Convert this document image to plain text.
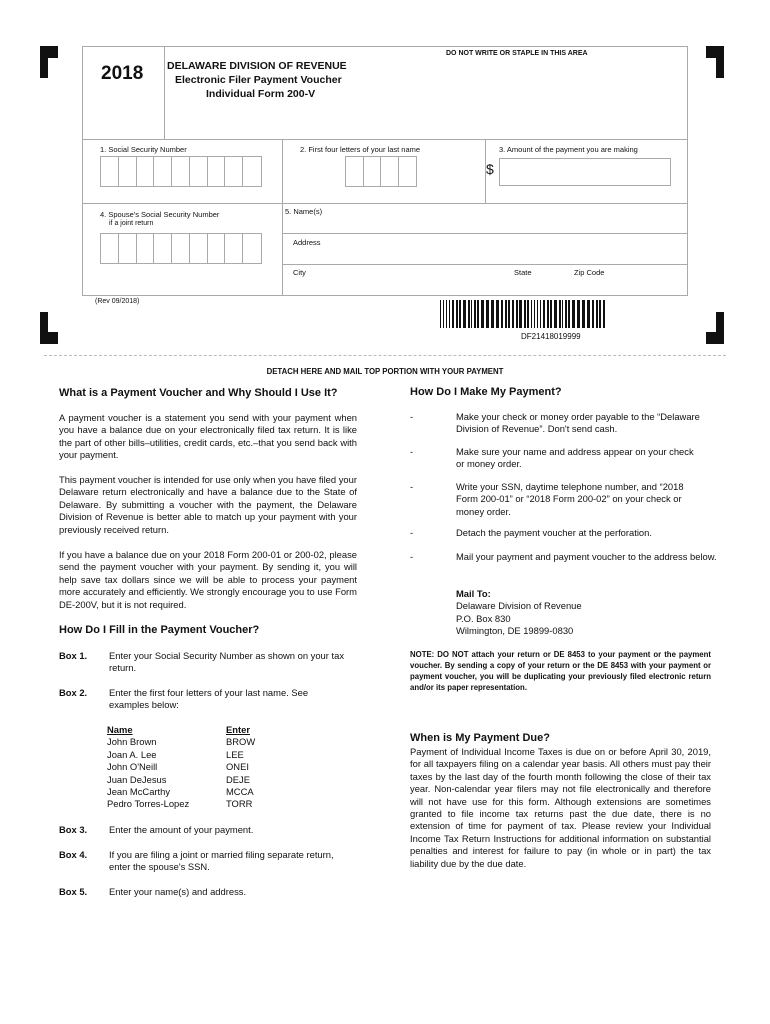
2018 DELAWARE DIVISION OF REVENUE
Electronic Filer Payment Voucher
Individual Form 200-V
DO NOT WRITE OR STAPLE IN THIS AREA
1. Social Security Number	2. First four letters of your last name	3. Amount of the payment you are making
$
4. Spouse's Social Security Number
if a joint return
5. Name(s)
Address
City	State	Zip Code
(Rev 09/2018)
DF21418019999
DETACH HERE AND MAIL TOP PORTION WITH YOUR PAYMENT
What is a Payment Voucher and Why Should I Use It?
A payment voucher is a statement you send with your payment when you have a balance due on your electronically filed tax return. It is like the part of other bills–utilities, credit cards, etc.–that you send back with your payment.
This payment voucher is intended for use only when you have filed your Delaware return electronically and have a balance due to the State of Delaware. By submitting a voucher with the payment, the Delaware Division of Revenue is better able to match up your payment with your previously received return.
If you have a balance due on your 2018 Form 200-01 or 200-02, please send the payment voucher with your payment. By sending it, you will help save tax dollars since we will be able to process your payment more accurately and efficiently. We strongly encourage you to use Form DE-200V, but it is not required.
How Do I Fill in the Payment Voucher?
Box 1. Enter your Social Security Number as shown on your tax return.
Box 2. Enter the first four letters of your last name. See examples below:
Name	Enter
John Brown	BROW
Joan A. Lee	LEE
John O'Neill	ONEI
Juan DeJesus	DEJE
Jean McCarthy	MCCA
Pedro Torres-Lopez	TORR
Box 3. Enter the amount of your payment.
Box 4. If you are filing a joint or married filing separate return, enter the spouse's SSN.
Box 5. Enter your name(s) and address.
How Do I Make My Payment?
-	Make your check or money order payable to the “Delaware Division of Revenue”. Don't send cash.
-	Make sure your name and address appear on your check or money order.
-	Write your SSN, daytime telephone number, and “2018 Form 200-01” or “2018 Form 200-02” on your check or money order.
-	Detach the payment voucher at the perforation.
-	Mail your payment and payment voucher to the address below.
Mail To:
Delaware Division of Revenue
P.O. Box 830
Wilmington, DE 19899-0830
NOTE: DO NOT attach your return or DE 8453 to your payment or the payment voucher. By sending a copy of your return or the DE 8453 with your payment or payment voucher, you will be duplicating your previously filed electronic return and/or its paper representation.
When is My Payment Due?
Payment of Individual Income Taxes is due on or before April 30, 2019, for all taxpayers filing on a calendar year basis. All others must pay their taxes by the last day of the fourth month following the close of their tax year. Non-calendar year filers may not file electronically and therefore will not have use for this form. Although extensions are sometimes granted to file income tax returns past the due date, there is no extension of time for payment of tax. Please review your Individual Income Tax Return Instructions for additional information on substantial penalties and interest for failure to pay (in whole or in part) the tax liability due by the due date.
